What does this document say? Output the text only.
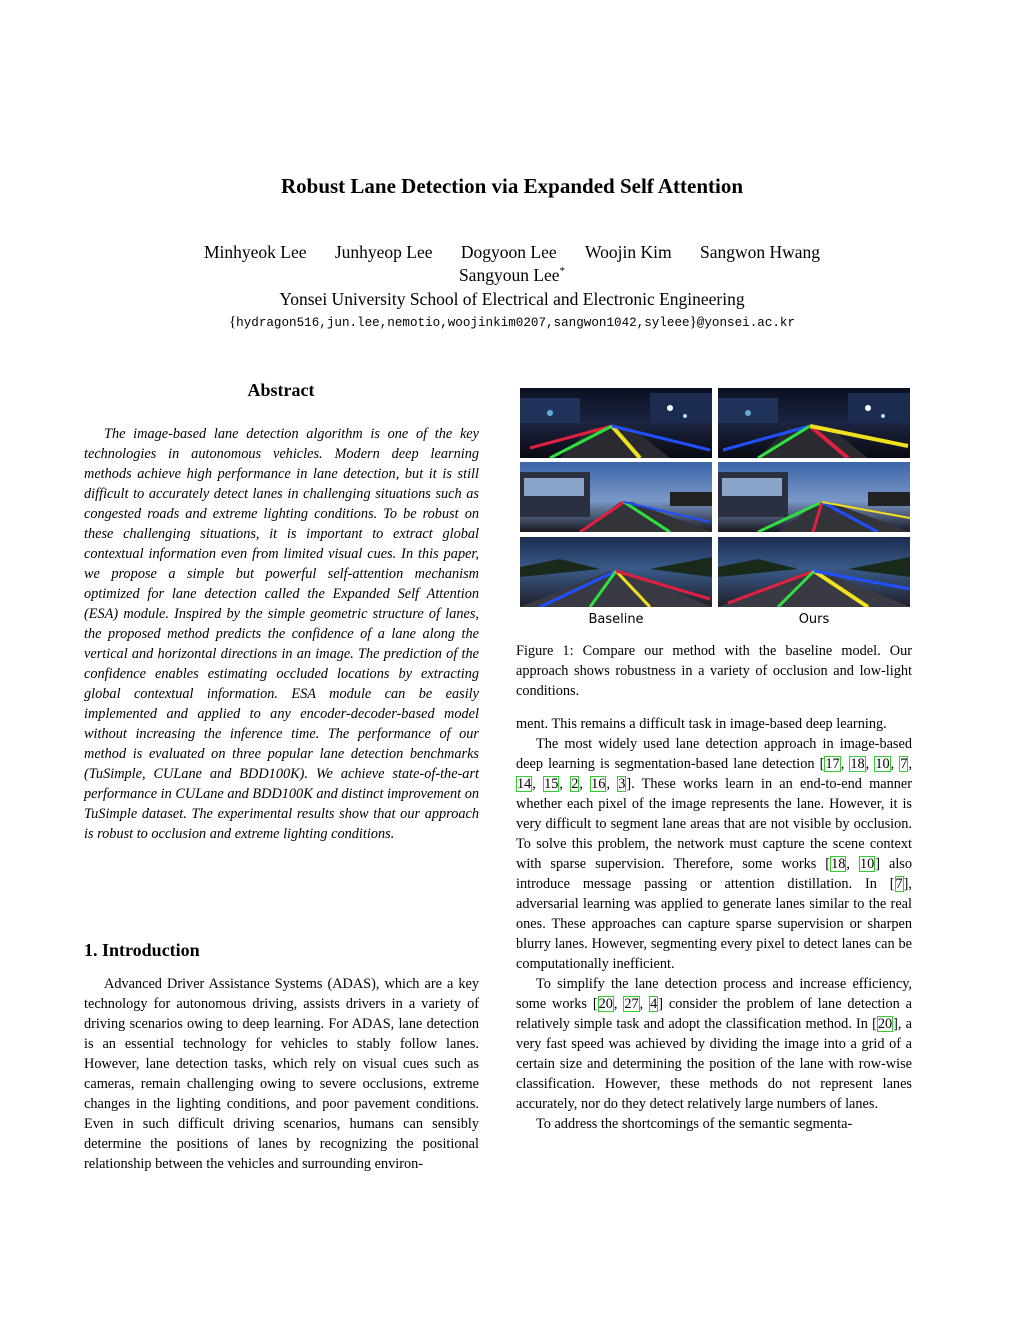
Robust Lane Detection via Expanded Self Attention
Minhyeok Lee Junhyeop Lee Dogyoon Lee Woojin Kim Sangwon Hwang
Sangyoun Lee*
Yonsei University School of Electrical and Electronic Engineering
{hydragon516,jun.lee,nemotio,woojinkim0207,sangwon1042,syleee}@yonsei.ac.kr
Abstract

The image-based lane detection algorithm is one of the key technologies in autonomous vehicles. Modern deep learning methods achieve high performance in lane detection, but it is still difficult to accurately detect lanes in challenging situations such as congested roads and extreme lighting conditions. To be robust on these challenging situations, it is important to extract global contextual information even from limited visual cues. In this paper, we propose a simple but powerful self-attention mechanism optimized for lane detection called the Expanded Self Attention (ESA) module. Inspired by the simple geometric structure of lanes, the proposed method predicts the confidence of a lane along the vertical and horizontal directions in an image. The prediction of the confidence enables estimating occluded locations by extracting global contextual information. ESA module can be easily implemented and applied to any encoder-decoder-based model without increasing the inference time. The performance of our method is evaluated on three popular lane detection benchmarks (TuSimple, CULane and BDD100K). We achieve state-of-the-art performance in CULane and BDD100K and distinct improvement on TuSimple dataset. The experimental results show that our approach is robust to occlusion and extreme lighting conditions.

1. Introduction

Advanced Driver Assistance Systems (ADAS), which are a key technology for autonomous driving, assists drivers in a variety of driving scenarios owing to deep learning. For ADAS, lane detection is an essential technology for vehicles to stably follow lanes. However, lane detection tasks, which rely on visual cues such as cameras, remain challenging owing to severe occlusions, extreme changes in the lighting conditions, and poor pavement conditions. Even in such difficult driving scenarios, humans can sensibly determine the positions of lanes by recognizing the positional relationship between the vehicles and surrounding environ-

Baseline	Ours

Figure 1: Compare our method with the baseline model. Our approach shows robustness in a variety of occlusion and low-light conditions.

ment. This remains a difficult task in image-based deep learning.

The most widely used lane detection approach in image-based deep learning is segmentation-based lane detection [17, 18, 10, 7, 14, 15, 2, 16, 3]. These works learn in an end-to-end manner whether each pixel of the image represents the lane. However, it is very difficult to segment lane areas that are not visible by occlusion. To solve this problem, the network must capture the scene context with sparse supervision. Therefore, some works [18, 10] also introduce message passing or attention distillation. In [7], adversarial learning was applied to generate lanes similar to the real ones. These approaches can capture sparse supervision or sharpen blurry lanes. However, segmenting every pixel to detect lanes can be computationally inefficient.

To simplify the lane detection process and increase efficiency, some works [20, 27, 4] consider the problem of lane detection a relatively simple task and adopt the classification method. In [20], a very fast speed was achieved by dividing the image into a grid of a certain size and determining the position of the lane with row-wise classification. However, these methods do not represent lanes accurately, nor do they detect relatively large numbers of lanes.

To address the shortcomings of the semantic segmenta-
